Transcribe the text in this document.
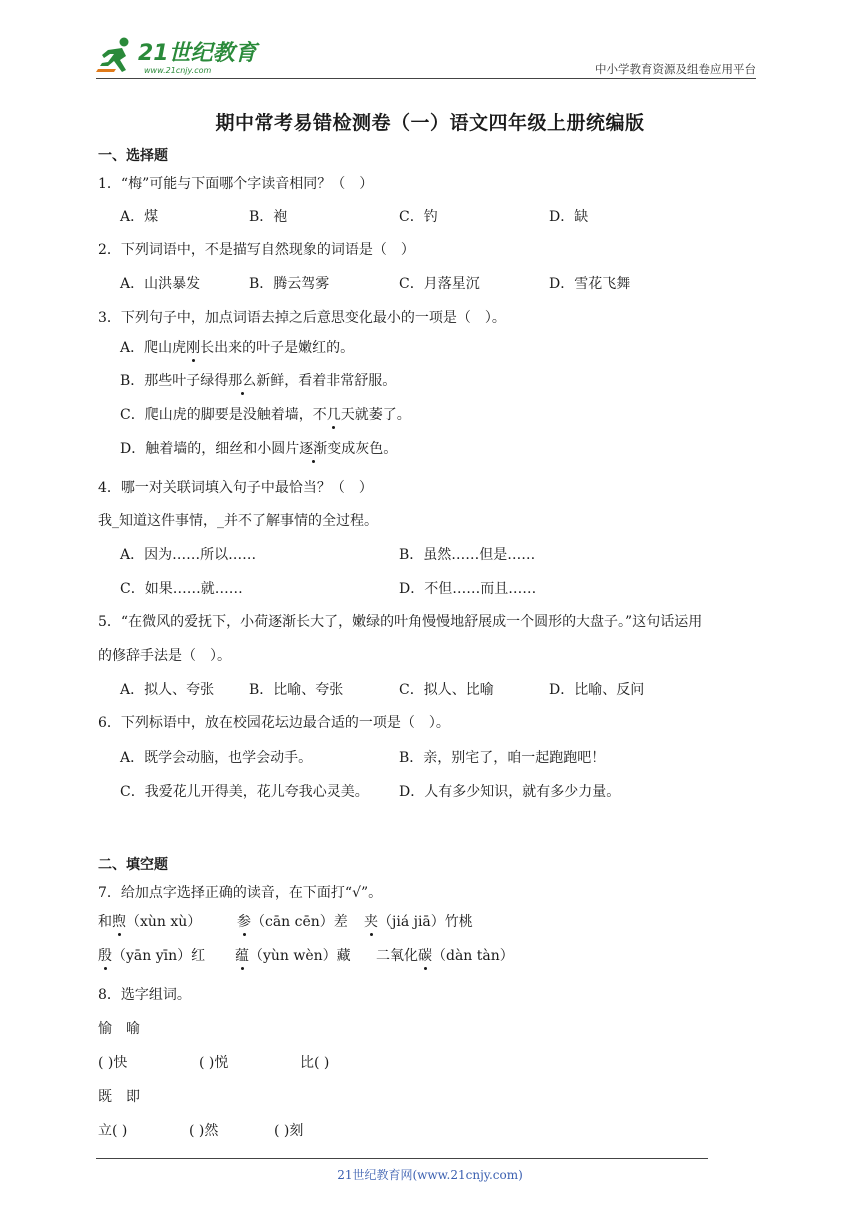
21世纪教育
www.21cnjy.com	中小学教育资源及组卷应用平台
期中常考易错检测卷（一）语文四年级上册统编版
一、选择题
1．“梅”可能与下面哪个字读音相同？（　）
A．煤	B．袍	C．钓	D．缺
2．下列词语中，不是描写自然现象的词语是（　）
A．山洪暴发	B．腾云驾雾	C．月落星沉	D．雪花飞舞
3．下列句子中，加点词语去掉之后意思变化最小的一项是（　）。
A．爬山虎刚长出来的叶子是嫩红的。
B．那些叶子绿得那么新鲜，看着非常舒服。
C．爬山虎的脚要是没触着墙，不几天就萎了。
D．触着墙的，细丝和小圆片逐渐变成灰色。
4．哪一对关联词填入句子中最恰当？（　）
我_知道这件事情，_并不了解事情的全过程。
A．因为……所以……	B．虽然……但是……
C．如果……就……	D．不但……而且……
5．“在微风的爱抚下，小荷逐渐长大了，嫩绿的叶角慢慢地舒展成一个圆形的大盘子。”这句话运用
的修辞手法是（　）。
A．拟人、夸张 B．比喻、夸张	C．拟人、比喻	D．比喻、反问
6．下列标语中，放在校园花坛边最合适的一项是（　）。
A．既学会动脑，也学会动手。	B．亲，别宅了，咱一起跑跑吧！
C．我爱花儿开得美，花儿夸我心灵美。 D．人有多少知识，就有多少力量。
二、填空题
7．给加点字选择正确的读音，在下面打“√”。
和煦（xùn xù）	参（cān cēn）差 夹（jiá jiā）竹桃
殷（yān yīn）红 蕴（yùn wèn）藏 二氧化碳（dàn tàn）
8．选字组词。
愉　喻
( )快	( )悦	比( )
既　即
立( )	( )然	( )刻
21世纪教育网(www.21cnjy.com)
